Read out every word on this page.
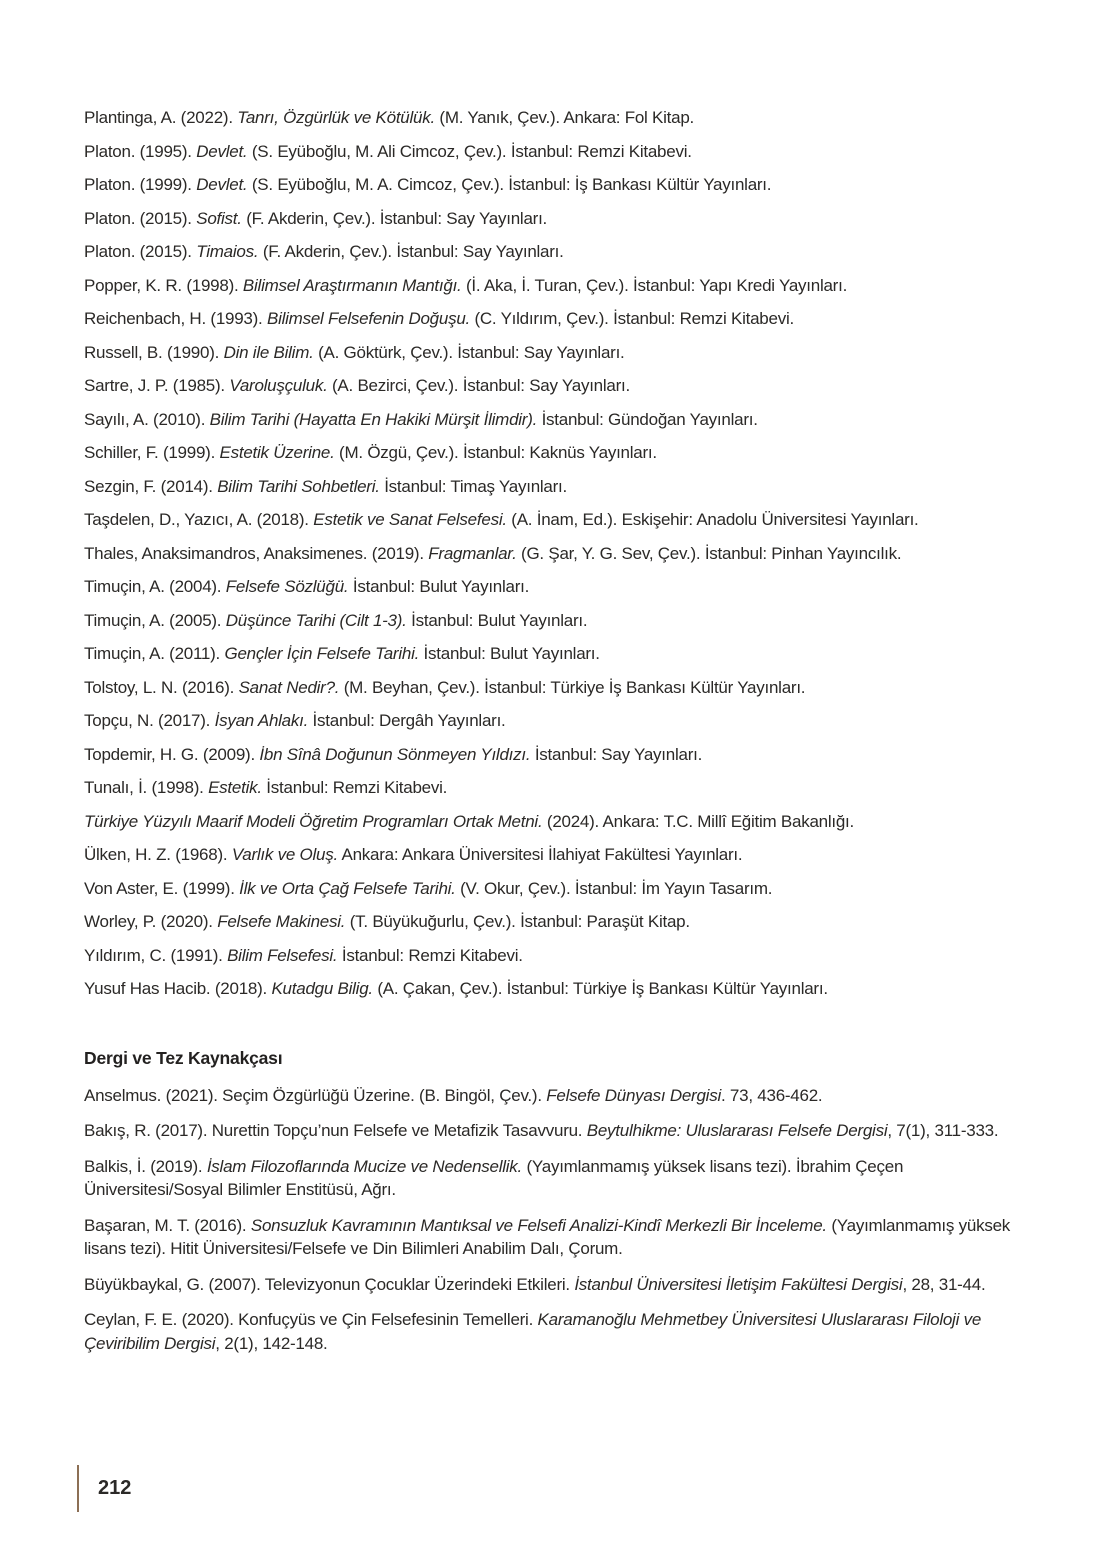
Plantinga, A. (2022). Tanrı, Özgürlük ve Kötülük. (M. Yanık, Çev.). Ankara: Fol Kitap.

Platon. (1995). Devlet. (S. Eyüboğlu, M. Ali Cimcoz, Çev.). İstanbul: Remzi Kitabevi.

Platon. (1999). Devlet. (S. Eyüboğlu, M. A. Cimcoz, Çev.). İstanbul: İş Bankası Kültür Yayınları.

Platon. (2015). Sofist. (F. Akderin, Çev.). İstanbul: Say Yayınları.

Platon. (2015). Timaios. (F. Akderin, Çev.). İstanbul: Say Yayınları.

Popper, K. R. (1998). Bilimsel Araştırmanın Mantığı. (İ. Aka, İ. Turan, Çev.). İstanbul: Yapı Kredi Yayınları.

Reichenbach, H. (1993). Bilimsel Felsefenin Doğuşu. (C. Yıldırım, Çev.). İstanbul: Remzi Kitabevi.

Russell, B. (1990). Din ile Bilim. (A. Göktürk, Çev.). İstanbul: Say Yayınları.

Sartre, J. P. (1985). Varoluşçuluk. (A. Bezirci, Çev.). İstanbul: Say Yayınları.

Sayılı, A. (2010). Bilim Tarihi (Hayatta En Hakiki Mürşit İlimdir). İstanbul: Gündoğan Yayınları.

Schiller, F. (1999). Estetik Üzerine. (M. Özgü, Çev.). İstanbul: Kaknüs Yayınları.

Sezgin, F. (2014). Bilim Tarihi Sohbetleri. İstanbul: Timaş Yayınları.

Taşdelen, D., Yazıcı, A. (2018). Estetik ve Sanat Felsefesi. (A. İnam, Ed.). Eskişehir: Anadolu Üniversitesi Yayınları.

Thales, Anaksimandros, Anaksimenes. (2019). Fragmanlar. (G. Şar, Y. G. Sev, Çev.). İstanbul: Pinhan Yayıncılık.

Timuçin, A. (2004). Felsefe Sözlüğü. İstanbul: Bulut Yayınları.

Timuçin, A. (2005). Düşünce Tarihi (Cilt 1-3). İstanbul: Bulut Yayınları.

Timuçin, A. (2011). Gençler İçin Felsefe Tarihi. İstanbul: Bulut Yayınları.

Tolstoy, L. N. (2016). Sanat Nedir?. (M. Beyhan, Çev.). İstanbul: Türkiye İş Bankası Kültür Yayınları.

Topçu, N. (2017). İsyan Ahlakı. İstanbul: Dergâh Yayınları.

Topdemir, H. G. (2009). İbn Sînâ Doğunun Sönmeyen Yıldızı. İstanbul: Say Yayınları.

Tunalı, İ. (1998). Estetik. İstanbul: Remzi Kitabevi.

Türkiye Yüzyılı Maarif Modeli Öğretim Programları Ortak Metni. (2024). Ankara: T.C. Millî Eğitim Bakanlığı.

Ülken, H. Z. (1968). Varlık ve Oluş. Ankara: Ankara Üniversitesi İlahiyat Fakültesi Yayınları.

Von Aster, E. (1999). İlk ve Orta Çağ Felsefe Tarihi. (V. Okur, Çev.). İstanbul: İm Yayın Tasarım.

Worley, P. (2020). Felsefe Makinesi. (T. Büyükuğurlu, Çev.). İstanbul: Paraşüt Kitap.

Yıldırım, C. (1991). Bilim Felsefesi. İstanbul: Remzi Kitabevi.

Yusuf Has Hacib. (2018). Kutadgu Bilig. (A. Çakan, Çev.). İstanbul: Türkiye İş Bankası Kültür Yayınları.

Dergi ve Tez Kaynakçası

Anselmus. (2021). Seçim Özgürlüğü Üzerine. (B. Bingöl, Çev.). Felsefe Dünyası Dergisi. 73, 436-462.

Bakış, R. (2017). Nurettin Topçu’nun Felsefe ve Metafizik Tasavvuru. Beytulhikme: Uluslararası Felsefe Dergisi, 7(1), 311-333.

Balkis, İ. (2019). İslam Filozoflarında Mucize ve Nedensellik. (Yayımlanmamış yüksek lisans tezi). İbrahim Çeçen Üniversitesi/Sosyal Bilimler Enstitüsü, Ağrı.

Başaran, M. T. (2016). Sonsuzluk Kavramının Mantıksal ve Felsefi Analizi-Kindî Merkezli Bir İnceleme. (Yayımlanmamış yüksek lisans tezi). Hitit Üniversitesi/Felsefe ve Din Bilimleri Anabilim Dalı, Çorum.

Büyükbaykal, G. (2007). Televizyonun Çocuklar Üzerindeki Etkileri. İstanbul Üniversitesi İletişim Fakültesi Dergisi, 28, 31-44.

Ceylan, F. E. (2020). Konfuçyüs ve Çin Felsefesinin Temelleri. Karamanoğlu Mehmetbey Üniversitesi Uluslararası Filoloji ve Çeviribilim Dergisi, 2(1), 142-148.

212
